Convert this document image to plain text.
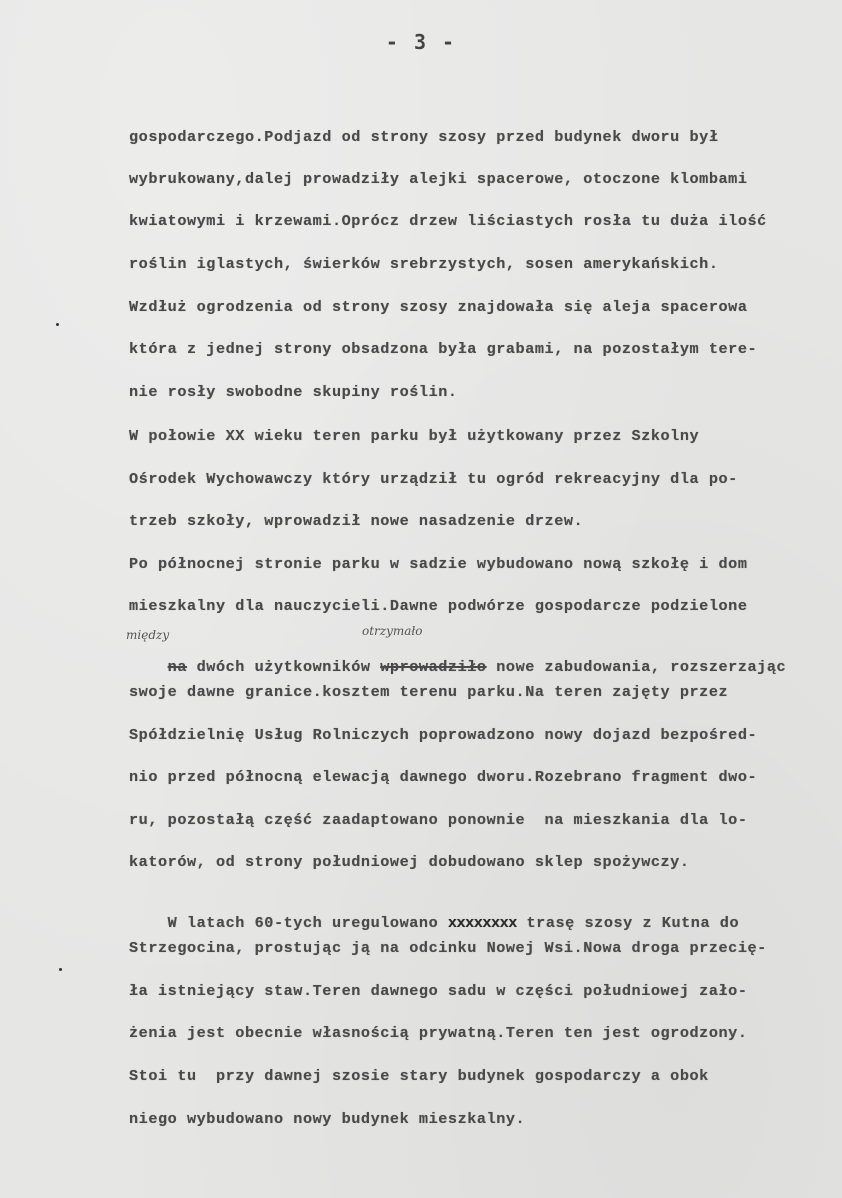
- 3 -
gospodarczego.Podjazd od strony szosy przed budynek dworu był
wybrukowany,dalej prowadziły alejki spacerowe, otoczone klombami
kwiatowymi i krzewami.Oprócz drzew liściastych rosła tu duża ilość
roślin iglastych, świerków srebrzystych, sosen amerykańskich.
Wzdłuż ogrodzenia od strony szosy znajdowała się aleja spacerowa
która z jednej strony obsadzona była grabami, na pozostałym tere-
nie rosły swobodne skupiny roślin.
W połowie XX wieku teren parku był użytkowany przez Szkolny
Ośrodek Wychowawczy który urządził tu ogród rekreacyjny dla po-
trzeb szkoły, wprowadził nowe nasadzenie drzew.
Po północnej stronie parku w sadzie wybudowano nową szkołę i dom
mieszkalny dla nauczycieli.Dawne podwórze gospodarcze podzielone
między	otrzymało

na dwóch użytkowników wprowadziło nowe zabudowania, rozszerzając

swoje dawne granice.kosztem terenu parku.Na teren zajęty przez
Spółdzielnię Usług Rolniczych poprowadzono nowy dojazd bezpośred-
nio przed północną elewacją dawnego dworu.Rozebrano fragment dwo-
ru, pozostałą część zaadaptowano ponownie  na mieszkania dla lo-
katorów, od strony południowej dobudowano sklep spożywczy.

W latach 60-tych uregulowano xxxxxxxx trasę szosy z Kutna do

Strzegocina, prostując ją na odcinku Nowej Wsi.Nowa droga przecię-
ła istniejący staw.Teren dawnego sadu w części południowej zało-
żenia jest obecnie własnością prywatną.Teren ten jest ogrodzony.
Stoi tu  przy dawnej szosie stary budynek gospodarczy a obok
niego wybudowano nowy budynek mieszkalny.
